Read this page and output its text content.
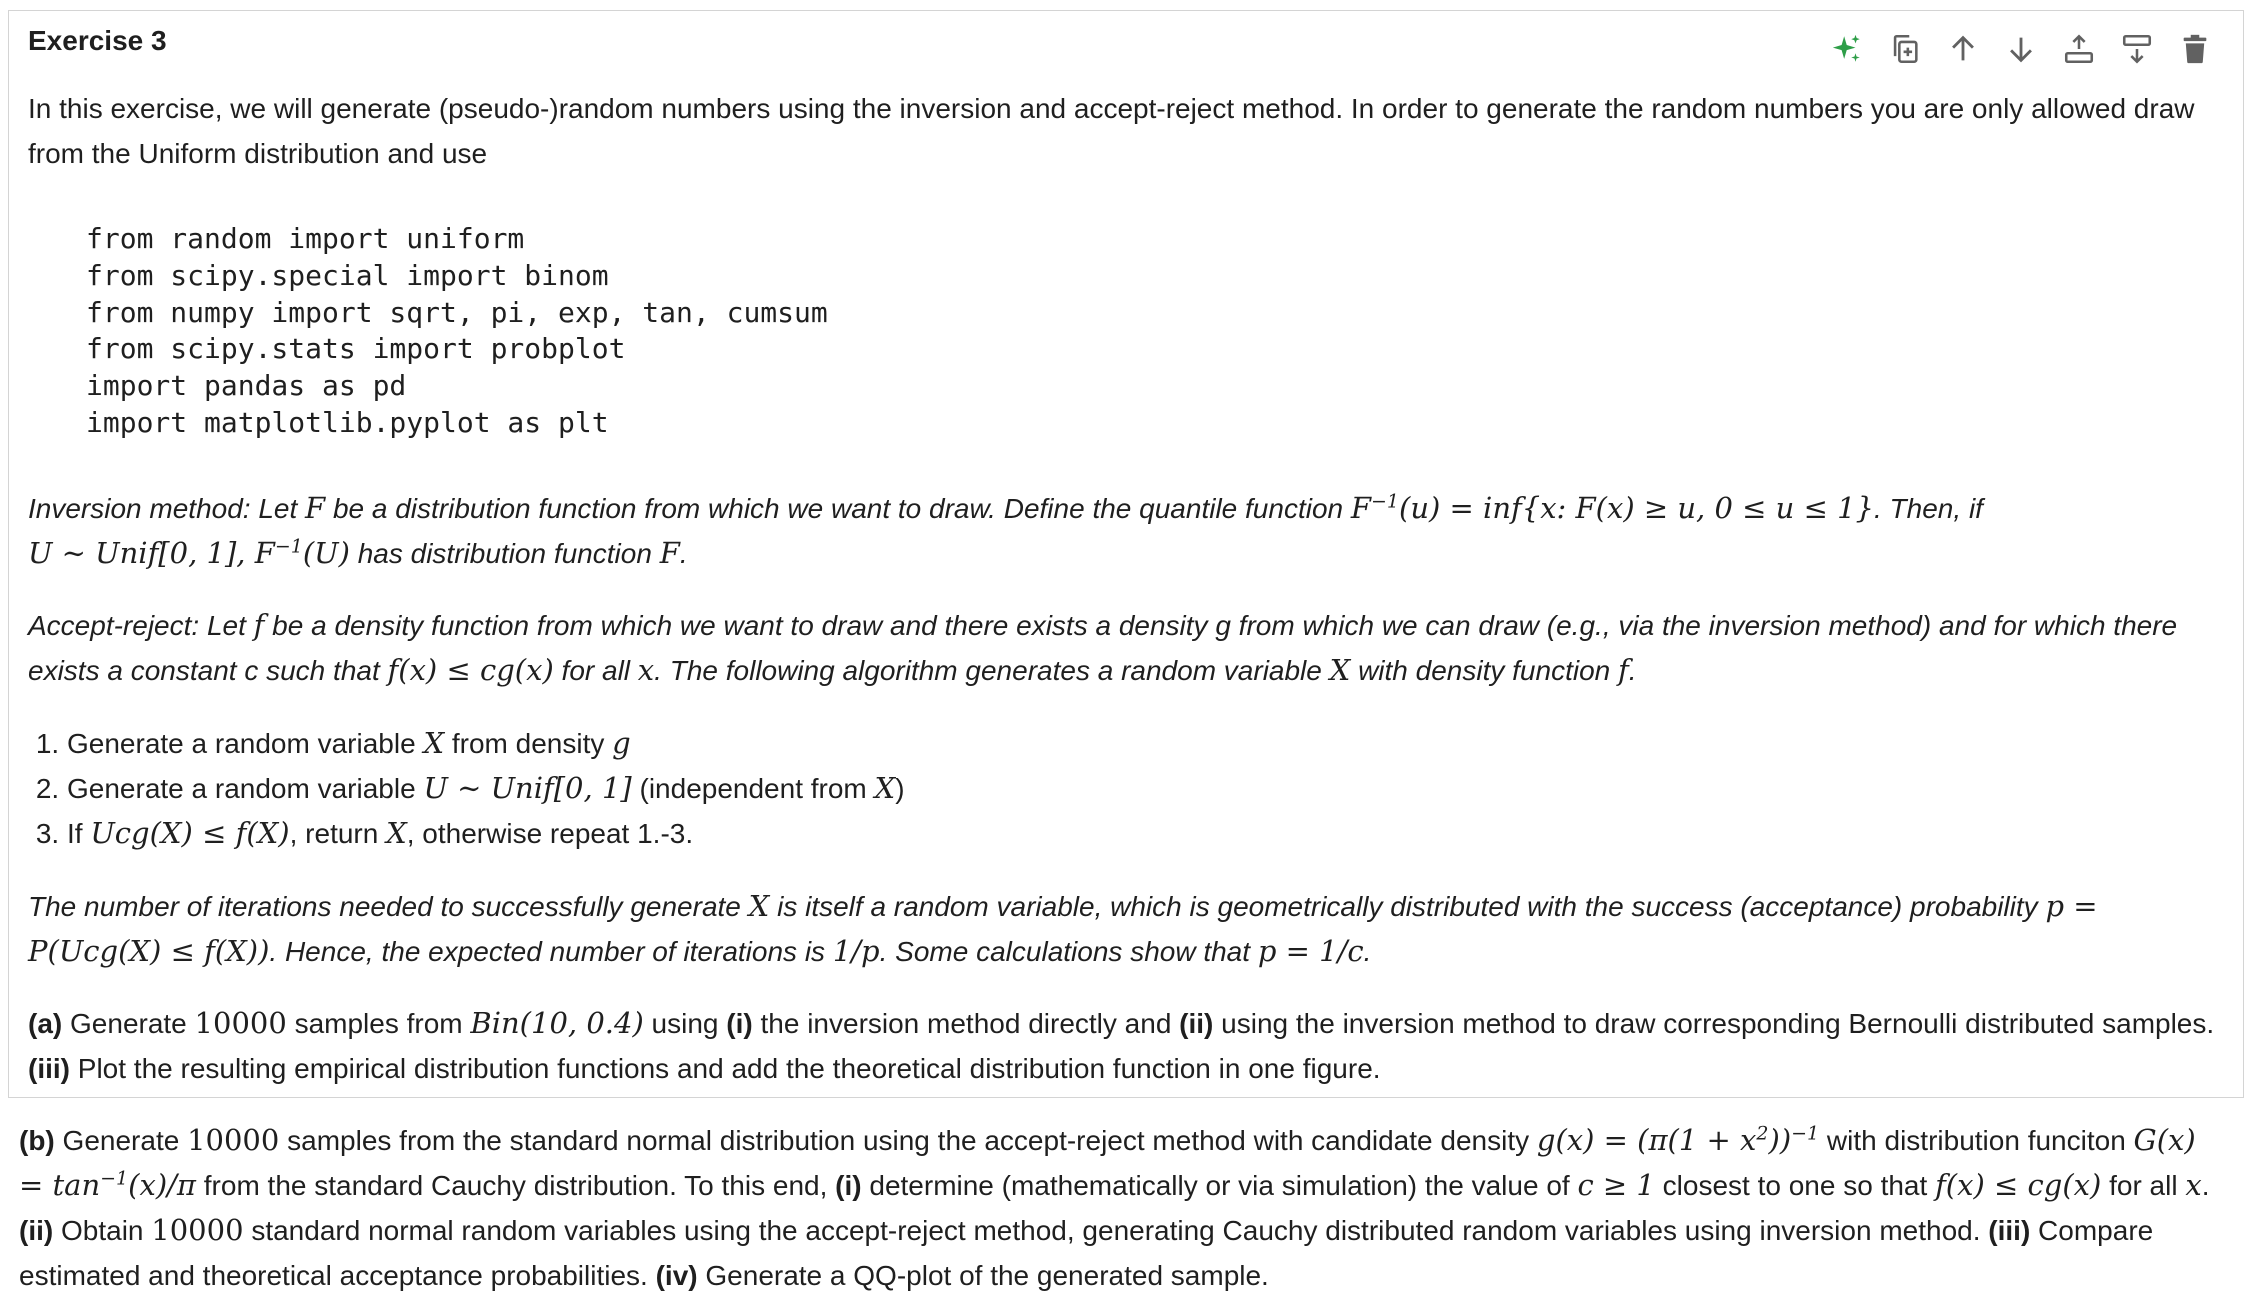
Exercise 3
In this exercise, we will generate (pseudo-)random numbers using the inversion and accept-reject method. In order to generate the random numbers you are only allowed draw from the Uniform distribution and use
from random import uniform
from scipy.special import binom
from numpy import sqrt, pi, exp, tan, cumsum
from scipy.stats import probplot
import pandas as pd
import matplotlib.pyplot as plt
Inversion method: Let F be a distribution function from which we want to draw. Define the quantile function $F^{-1}(u) = inf\{x$: F(x) ≥ u, 0 ≤ u ≤ 1}. Then, if
U ∼ Unif[0, 1], $F^{-1}(U)$ has distribution function F.
Accept-reject: Let f be a density function from which we want to draw and there exists a density g from which we can draw (e.g., via the inversion method) and for which there exists a constant c such that f(x) ≤ cg(x) for all x. The following algorithm generates a random variable X with density function f.
1. Generate a random variable X from density g
2. Generate a random variable U ∼ Unif[0, 1] (independent from X)
3. If Ucg(X) ≤ f(X), return X, otherwise repeat 1.-3.
The number of iterations needed to successfully generate X is itself a random variable, which is geometrically distributed with the success (acceptance) probability p = P(Ucg(X) ≤ f(X)). Hence, the expected number of iterations is 1/p. Some calculations show that p = 1/c.
(a) Generate 10000 samples from Bin(10, 0.4) using (i) the inversion method directly and (ii) using the inversion method to draw corresponding Bernoulli distributed samples. (iii) Plot the resulting empirical distribution functions and add the theoretical distribution function in one figure.
(b) Generate 10000 samples from the standard normal distribution using the accept-reject method with candidate density $g(x) = (\pi(1 + x^2))^{-1}$ with distribution funciton $G(x) = \tan^{-1}(x)/\pi$ from the standard Cauchy distribution. To this end, (i) determine (mathematically or via simulation) the value of c ≥ 1 closest to one so that f(x) ≤ cg(x) for all x. (ii) Obtain 10000 standard normal random variables using the accept-reject method, generating Cauchy distributed random variables using inversion method. (iii) Compare estimated and theoretical acceptance probabilities. (iv) Generate a QQ-plot of the generated sample.
